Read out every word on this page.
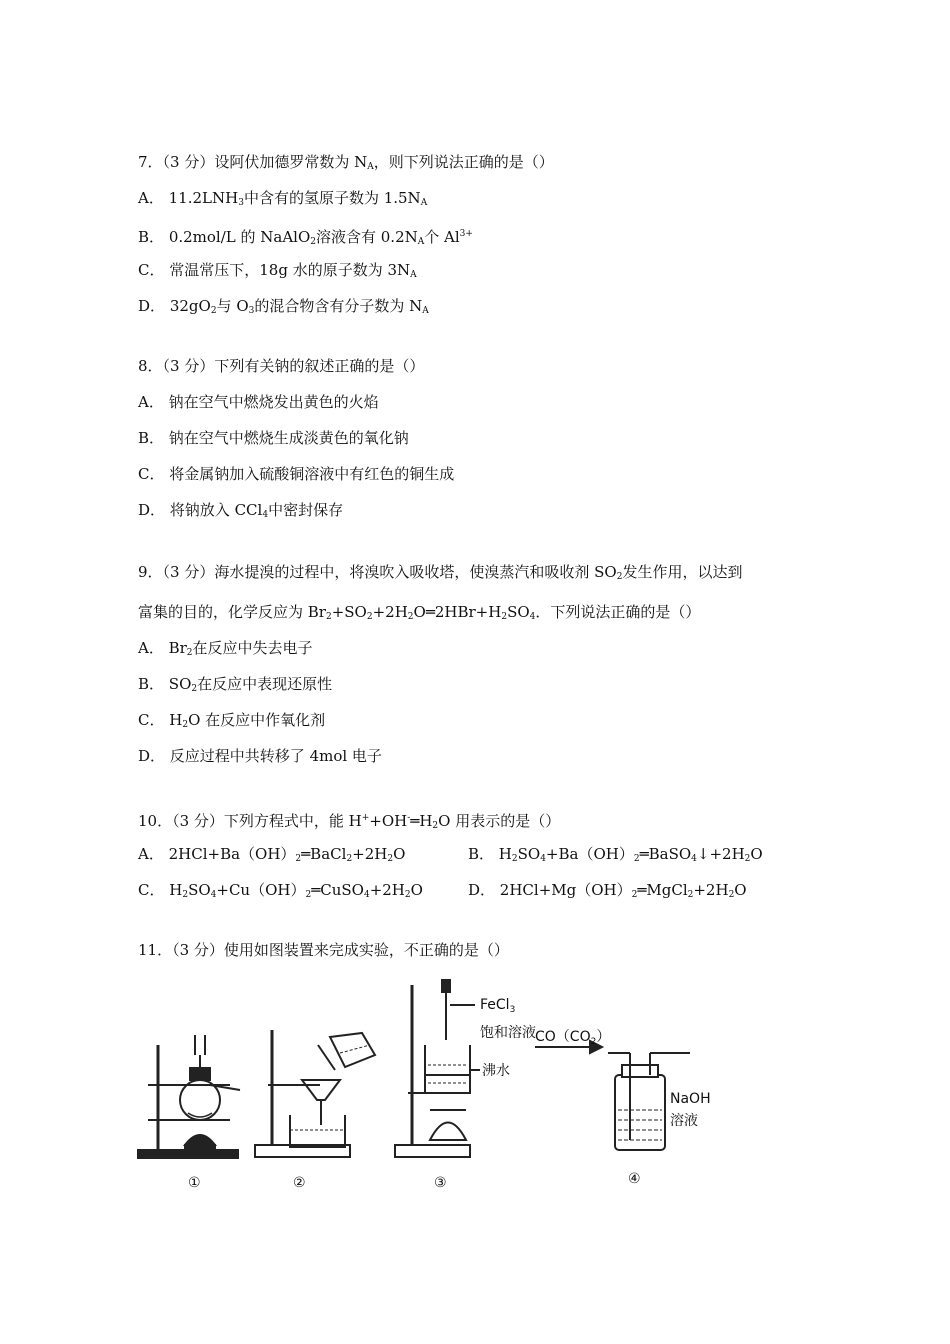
7．（3 分）设阿伏加德罗常数为 $N_A$，则下列说法正确的是（）
A． $11.2LNH_3$中含有的氢原子数为 $1.5N_A$
B． 0.2mol/L 的 NaAlO$_2$溶液含有 $0.2N_A$个 $Al^{3+}$
C． 常温常压下，18g 水的原子数为 $3N_A$
D． $32gO_2$与 $O_3$的混合物含有分子数为 $N_A$
8．（3 分）下列有关钠的叙述正确的是（）
A． 钠在空气中燃烧发出黄色的火焰
B． 钠在空气中燃烧生成淡黄色的氧化钠
C． 将金属钠加入硫酸铜溶液中有红色的铜生成
D． 将钠放入 CCl$_4$中密封保存
9．（3 分）海水提溴的过程中，将溴吹入吸收塔，使溴蒸汽和吸收剂 $SO_2$发生作用，以达到
富集的目的，化学反应为 $Br_2+SO_2+2H_2O═2HBr+H_2SO_4$．下列说法正确的是（）
A． $Br_2$在反应中失去电子
B． $SO_2$在反应中表现还原性
C． $H_2O$ 在反应中作氧化剂
D． 反应过程中共转移了 4mol 电子
10．（3 分）下列方程式中，能 $H^++OH^-═H_2O$ 用表示的是（）
A． $2HCl+Ba(OH)_2═BaCl_2+2H_2O$	B． $H_2SO_4+Ba(OH)_2═BaSO_4↓+2H_2O$
C． $H_2SO_4+Cu(OH)_2═CuSO_4+2H_2O$	D． $2HCl+Mg(OH)_2═MgCl_2+2H_2O$
11．（3 分）使用如图装置来完成实验，不正确的是（）
FeCl$_3$
饱和溶液
沸水
$CO(CO_2)$
NaOH
溶液
①	②	③	④
